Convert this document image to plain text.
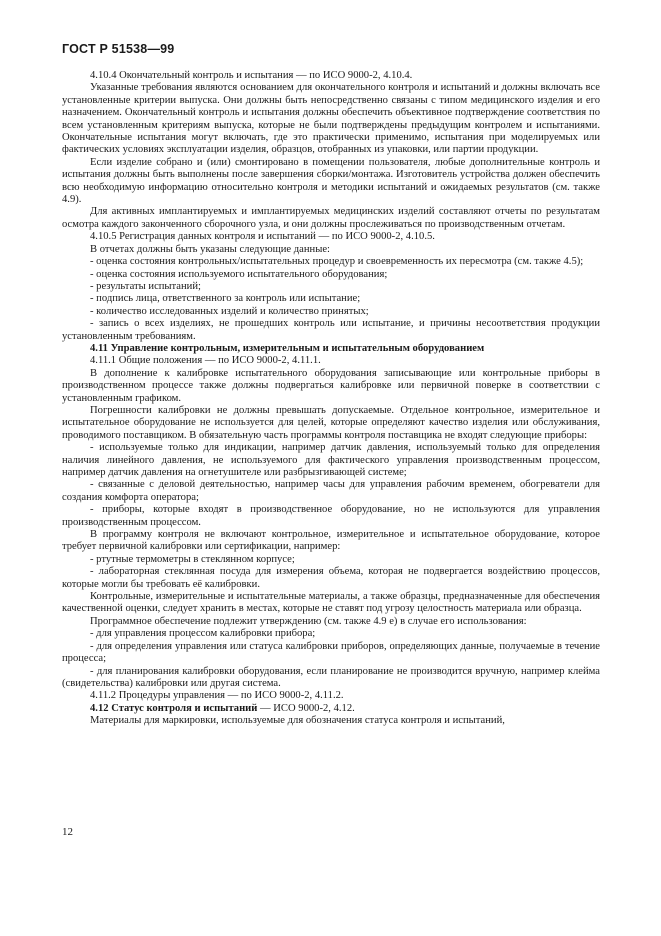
ГОСТ Р 51538—99

4.10.4 Окончательный контроль и испытания — по ИСО 9000-2, 4.10.4.

Указанные требования являются основанием для окончательного контроля и испытаний и должны включать все установленные критерии выпуска. Они должны быть непосредственно связаны с типом медицинского изделия и его назначением. Окончательный контроль и испытания должны обеспечить объективное подтверждение соответствия по всем установленным критериям выпуска, которые не были подтверждены предыдущим контролем и испытаниями. Окончательные испытания могут включать, где это практически применимо, испытания при моделируемых или фактических условиях эксплуатации изделия, образцов, отобранных из упаковки, или партии продукции.

Если изделие собрано и (или) смонтировано в помещении пользователя, любые дополнительные контроль и испытания должны быть выполнены после завершения сборки/монтажа. Изготовитель устройства должен обеспечить всю необходимую информацию относительно контроля и методики испытаний и ожидаемых результатов (см. также 4.9).

Для активных имплантируемых и имплантируемых медицинских изделий составляют отчеты по результатам осмотра каждого законченного сборочного узла, и они должны прослеживаться по производственным отчетам.

4.10.5 Регистрация данных контроля и испытаний — по ИСО 9000-2, 4.10.5.

В отчетах должны быть указаны следующие данные:

- оценка состояния контрольных/испытательных процедур и своевременность их пересмотра (см. также 4.5);

- оценка состояния используемого испытательного оборудования;

- результаты испытаний;

- подпись лица, ответственного за контроль или испытание;

- количество исследованных изделий и количество принятых;

- запись о всех изделиях, не прошедших контроль или испытание, и причины несоответствия продукции установленным требованиям.

4.11 Управление контрольным, измерительным и испытательным оборудованием

4.11.1 Общие положения — по ИСО 9000-2, 4.11.1.

В дополнение к калибровке испытательного оборудования записывающие или контрольные приборы в производственном процессе также должны подвергаться калибровке или первичной поверке в соответствии с установленным графиком.

Погрешности калибровки не должны превышать допускаемые. Отдельное контрольное, измерительное и испытательное оборудование не используется для целей, которые определяют качество изделия или обслуживания, проводимого поставщиком. В обязательную часть программы контроля поставщика не входят следующие приборы:

- используемые только для индикации, например датчик давления, используемый только для определения наличия линейного давления, не используемого для фактического управления производственным процессом, например датчик давления на огнетушителе или разбрызгивающей системе;

- связанные с деловой деятельностью, например часы для управления рабочим временем, обогреватели для создания комфорта оператора;

- приборы, которые входят в производственное оборудование, но не используются для управления производственным процессом.

В программу контроля не включают контрольное, измерительное и испытательное оборудование, которое требует первичной калибровки или сертификации, например:

- ртутные термометры в стеклянном корпусе;

- лабораторная стеклянная посуда для измерения объема, которая не подвергается воздействию процессов, которые могли бы требовать её калибровки.

Контрольные, измерительные и испытательные материалы, а также образцы, предназначенные для обеспечения качественной оценки, следует хранить в местах, которые не ставят под угрозу целостность материала или образца.

Программное обеспечение подлежит утверждению (см. также 4.9 е) в случае его использования:

- для управления процессом калибровки прибора;

- для определения управления или статуса калибровки приборов, определяющих данные, получаемые в течение процесса;

- для планирования калибровки оборудования, если планирование не производится вручную, например клейма (свидетельства) калибровки или другая система.

4.11.2 Процедуры управления — по ИСО 9000-2, 4.11.2.

4.12 Статус контроля и испытаний — ИСО 9000-2, 4.12.

Материалы для маркировки, используемые для обозначения статуса контроля и испытаний,

12
